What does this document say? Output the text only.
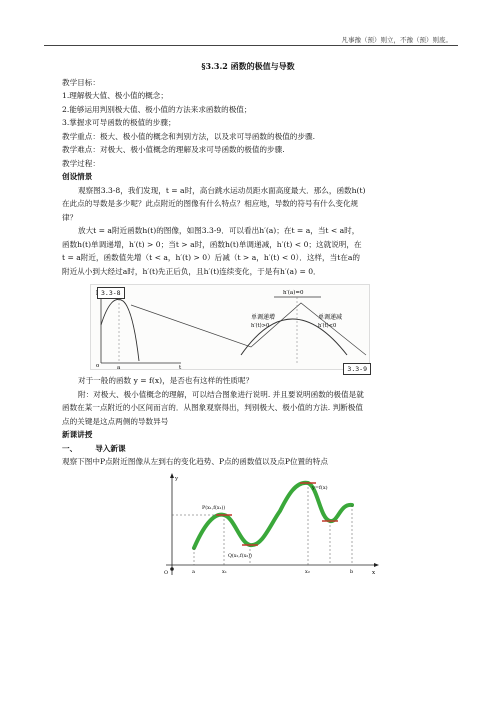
凡事豫（预）则立，不豫（预）则废。
§3.3.2 函数的极值与导数

教学目标：

1.理解极大值、极小值的概念；

2.能够运用判别极大值、极小值的方法来求函数的极值；

3.掌握求可导函数的极值的步骤；

教学重点：极大、极小值的概念和判别方法，以及求可导函数的极值的步骤.

教学难点：对极大、极小值概念的理解及求可导函数的极值的步骤.

教学过程：

创设情景

观察图3.3-8，我们发现，t = a时，高台跳水运动员距水面高度最大．那么，函数h(t)

在此点的导数是多少呢？此点附近的图像有什么特点？相应地，导数的符号有什么变化规

律？

放大t = a附近函数h(t)的图像，如图3.3-9．可以看出h′(a)；在t = a，当t < a时，

函数h(t)单调递增，h′(t) > 0；当t > a时，函数h(t)单调递减，h′(t) < 0；这就说明，在

t = a附近，函数值先增（t < a，h′(t) > 0）后减（t > a，h′(t) < 0）．这样，当t在a的

附近从小到大经过a时，h′(t)先正后负，且h′(t)连续变化，于是有h′(a) = 0．

o	a	t
h′(a)=0
单调递增
h′(t)>0
单调递减
h′(t)<0
3.3-8
3.3-9

对于一般的函数 y = f(x)，是否也有这样的性质呢？

附：对极大、极小值概念的理解，可以结合图象进行说明. 并且要说明函数的极值是就

函数在某一点附近的小区间而言的．从图象观察得出，判别极大、极小值的方法. 判断极值

点的关键是这点两侧的导数异号

新课讲授

一、 导入新课

观察下图中P点附近图像从左到右的变化趋势、P点的函数值以及点P位置的特点

y
x
O
y=f(x)
P(x₁,f(x₁))
Q(x₂,f(x₂))
a	x₁	x₂	b
